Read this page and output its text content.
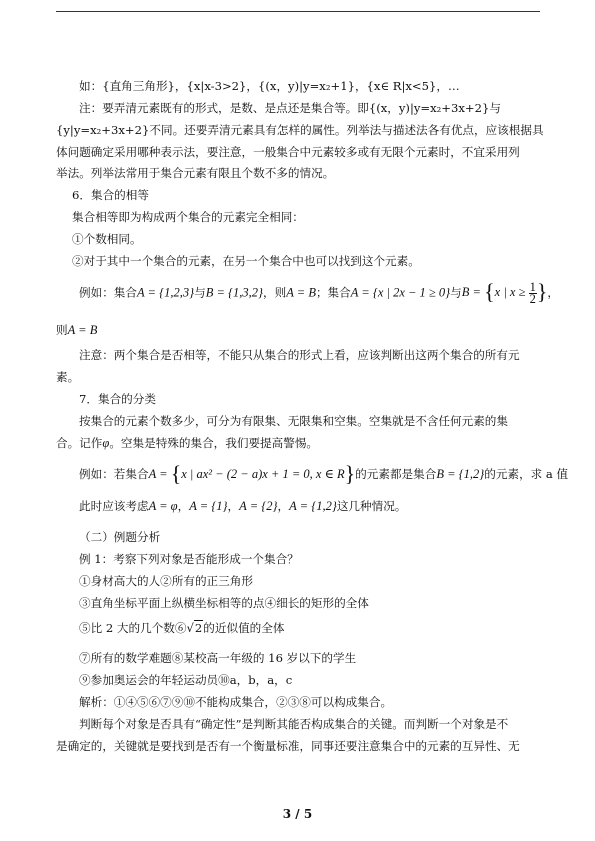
如：{直角三角形}，{x|x-3>2}，{(x，y)|y=x₂+1}，{x∈ R|x<5}，…
注：要弄清元素既有的形式，是数、是点还是集合等。即{(x，y)|y=x₂+3x+2}与
{y|y=x₂+3x+2}不同。还要弄清元素具有怎样的属性。列举法与描述法各有优点，应该根据具
体问题确定采用哪种表示法，要注意，一般集合中元素较多或有无限个元素时，不宜采用列
举法。列举法常用于集合元素有限且个数不多的情况。
6．集合的相等
集合相等即为构成两个集合的元素完全相同：
①个数相同。
②对于其中一个集合的元素，在另一个集合中也可以找到这个元素。
例如：集合A = {1,2,3}与B = {1,3,2}，则A = B；集合A = {x | 2x − 1 ≥ 0}与B = {x | $x \ge \frac{1}{2}$ }，
则A = B
注意：两个集合是否相等，不能只从集合的形式上看，应该判断出这两个集合的所有元
素。
7．集合的分类
按集合的元素个数多少，可分为有限集、无限集和空集。空集就是不含任何元素的集
合。记作φ。空集是特殊的集合，我们要提高警惕。
例如：若集合A = {x | ax² − (2 − a)x + 1 = 0, x ∈ R}的元素都是集合B = {1,2}的元素，求 a 值
此时应该考虑A = φ，A = {1}，A = {2}，A = {1,2}这几种情况。
（二）例题分析
例 1：考察下列对象是否能形成一个集合？
①身材高大的人②所有的正三角形
③直角坐标平面上纵横坐标相等的点④细长的矩形的全体
⑤比 2 大的几个数⑥√2的近似值的全体
⑦所有的数学难题⑧某校高一年级的 16 岁以下的学生
⑨参加奥运会的年轻运动员⑩a，b，a，c
解析：①④⑤⑥⑦⑨⑩不能构成集合，②③⑧可以构成集合。
判断每个对象是否具有“确定性”是判断其能否构成集合的关键。而判断一个对象是不
是确定的，关键就是要找到是否有一个衡量标准，同事还要注意集合中的元素的互异性、无
3 / 5
